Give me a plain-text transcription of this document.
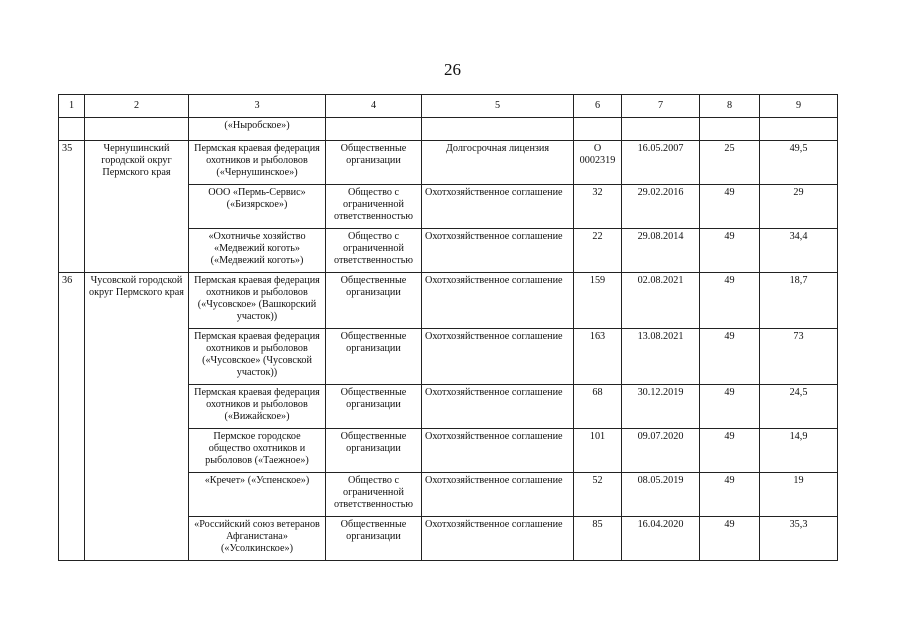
26
1	2	3	4	5	6	7	8	9
		(«Ныробское»)						
35	Чернушинский городской округ Пермского края	Пермская краевая федерация охотников и рыболовов («Чернушинское»)	Общественные организации	Долгосрочная лицензия	О 0002319	16.05.2007	25	49,5
		ООО «Пермь-Сервис» («Бизярское»)	Общество с ограниченной ответственностью	Охотхозяйственное соглашение	32	29.02.2016	49	29
		«Охотничье хозяйство «Медвежий коготь» («Медвежий коготь»)	Общество с ограниченной ответственностью	Охотхозяйственное соглашение	22	29.08.2014	49	34,4
36	Чусовской городской округ Пермского края	Пермская краевая федерация охотников и рыболовов («Чусовское» (Вашкорский участок))	Общественные организации	Охотхозяйственное соглашение	159	02.08.2021	49	18,7
		Пермская краевая федерация охотников и рыболовов («Чусовское» (Чусовской участок))	Общественные организации	Охотхозяйственное соглашение	163	13.08.2021	49	73
		Пермская краевая федерация охотников и рыболовов («Вижайское»)	Общественные организации	Охотхозяйственное соглашение	68	30.12.2019	49	24,5
		Пермское городское общество охотников и рыболовов («Таежное»)	Общественные организации	Охотхозяйственное соглашение	101	09.07.2020	49	14,9
		«Кречет» («Успенское»)	Общество с ограниченной ответственностью	Охотхозяйственное соглашение	52	08.05.2019	49	19
		«Российский союз ветеранов Афганистана» («Усолкинское»)	Общественные организации	Охотхозяйственное соглашение	85	16.04.2020	49	35,3
